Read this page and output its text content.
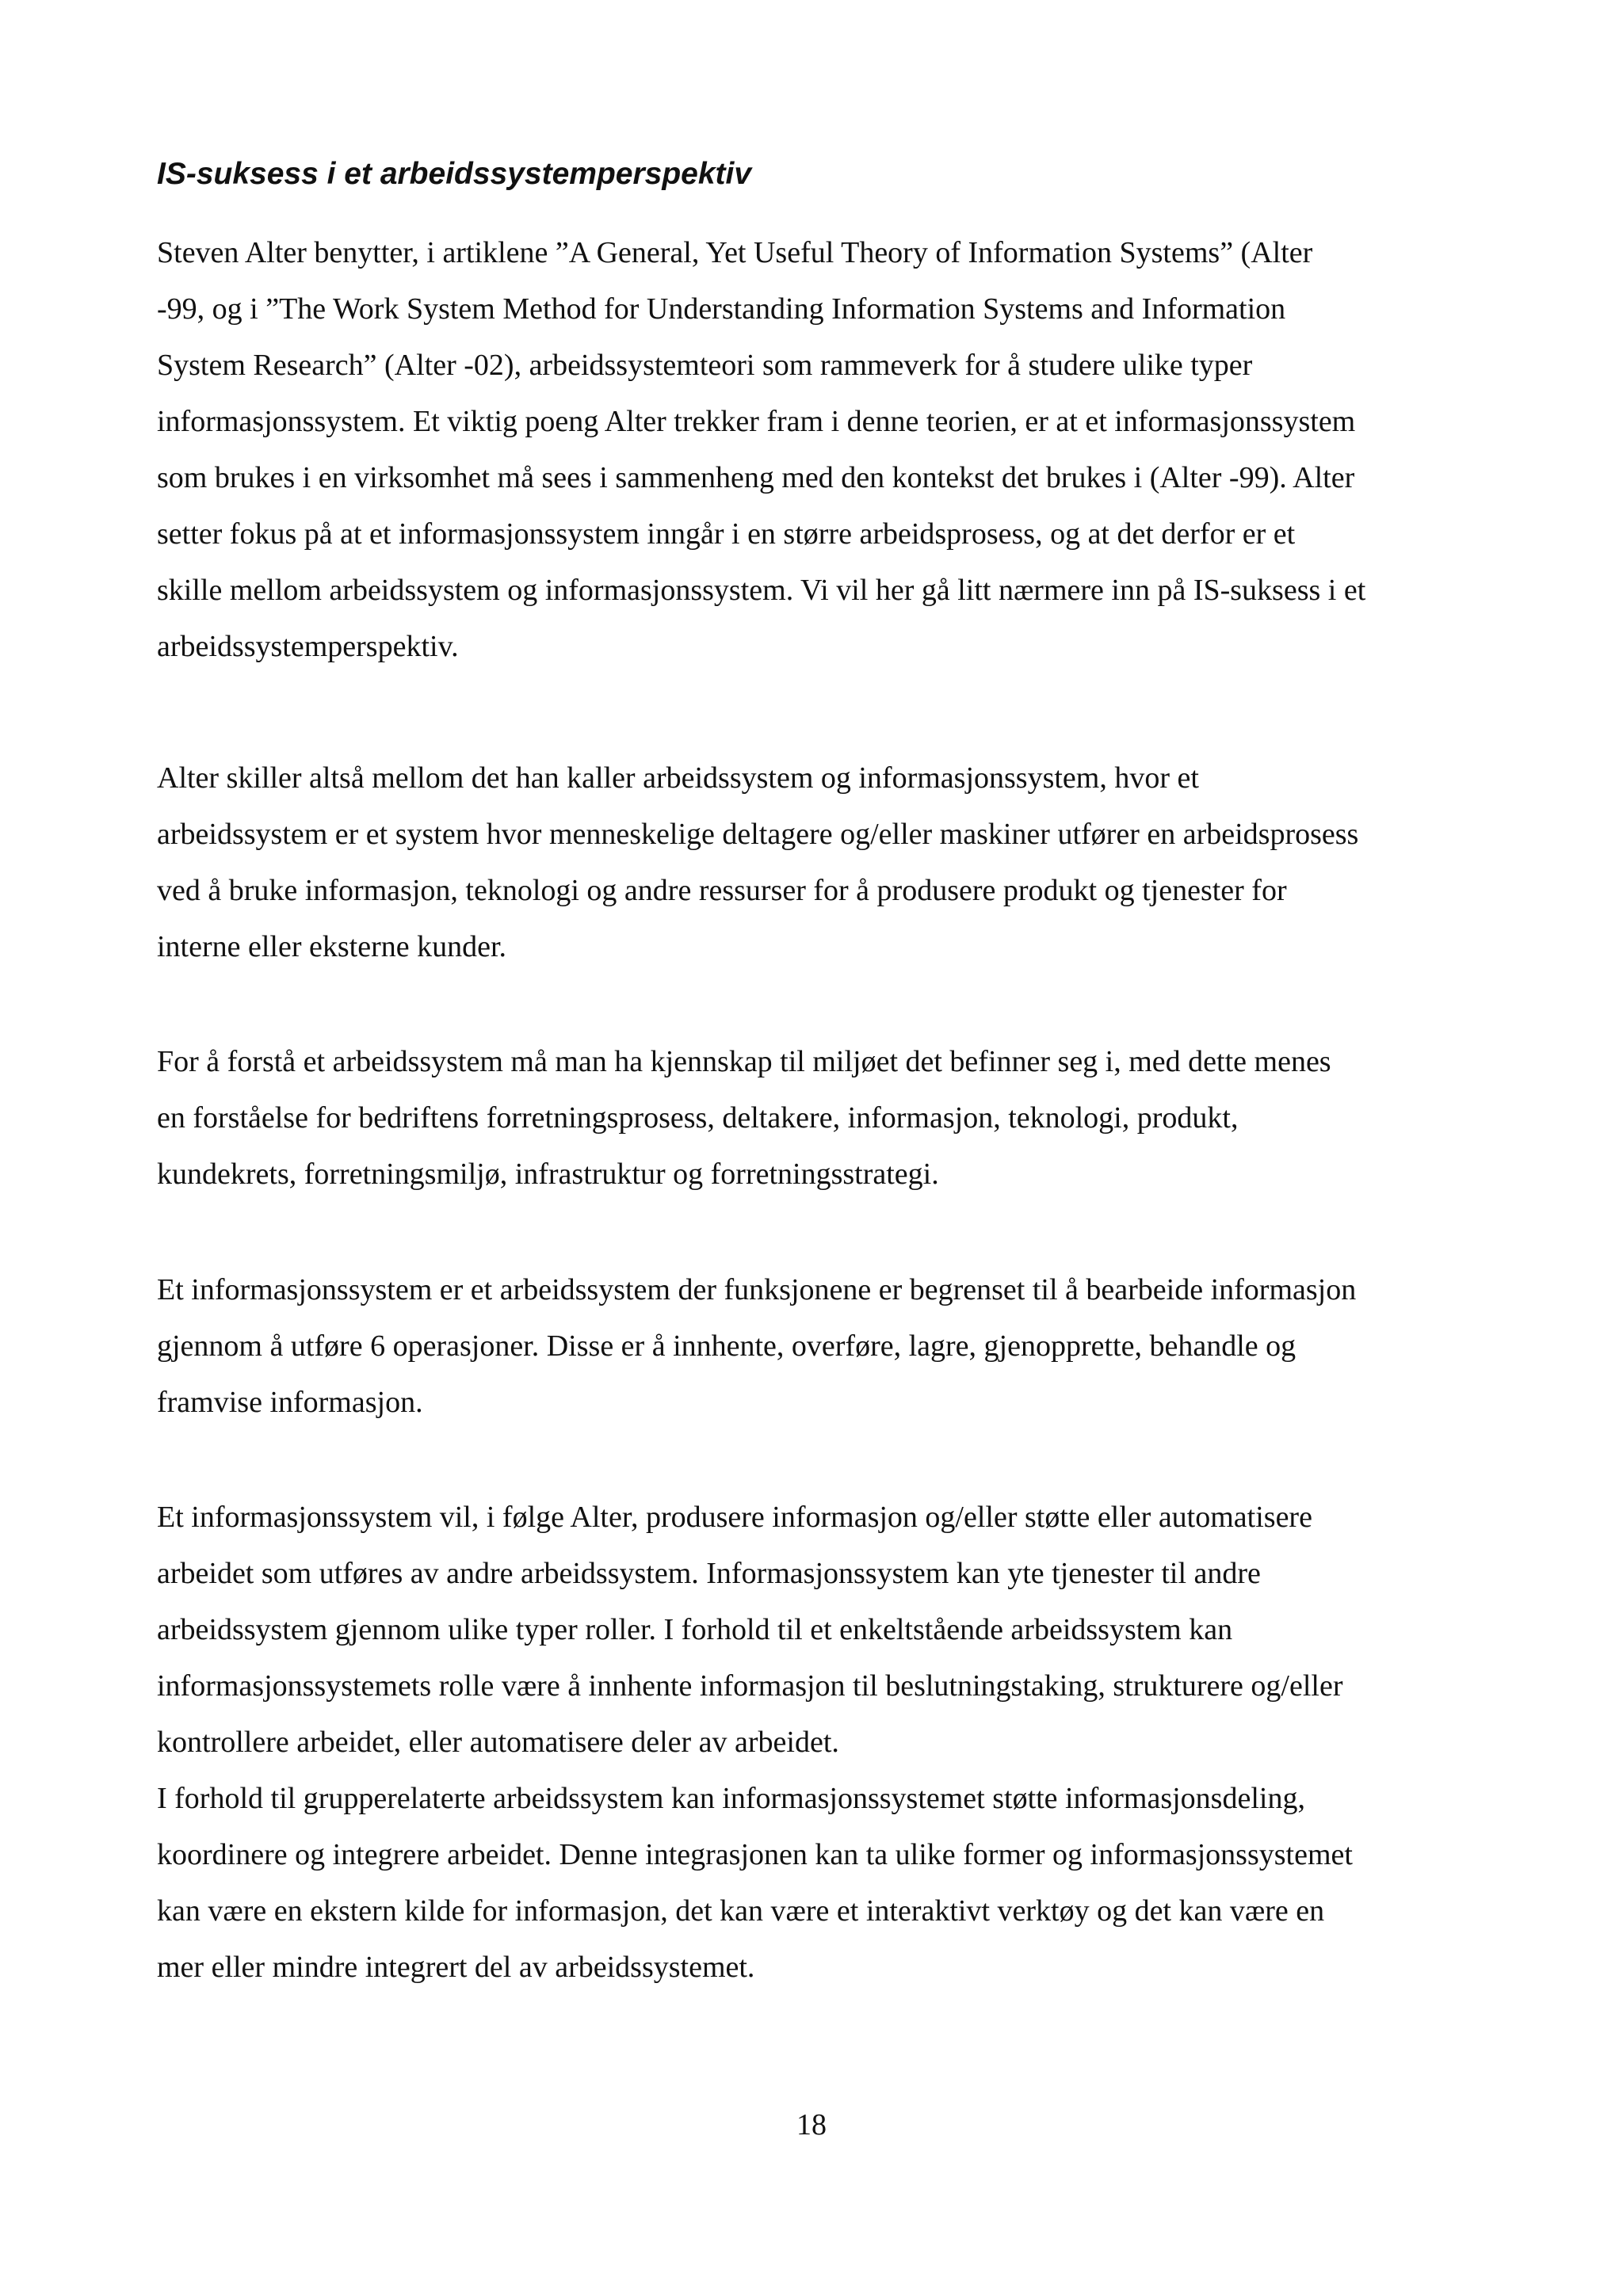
IS-suksess i et arbeidssystemperspektiv

Steven Alter benytter, i artiklene ”A General, Yet Useful Theory of Information Systems” (Alter
-99, og i ”The Work System Method for Understanding Information Systems and Information
System Research” (Alter -02), arbeidssystemteori som rammeverk for å studere ulike typer
informasjonssystem. Et viktig poeng Alter trekker fram i denne teorien, er at et informasjonssystem
som brukes i en virksomhet må sees i sammenheng med den kontekst det brukes i (Alter -99). Alter
setter fokus på at et informasjonssystem inngår i en større arbeidsprosess, og at det derfor er et
skille mellom arbeidssystem og informasjonssystem. Vi vil her gå litt nærmere inn på IS-suksess i et
arbeidssystemperspektiv.

Alter skiller altså mellom det han kaller arbeidssystem og informasjonssystem, hvor et
arbeidssystem er et system hvor menneskelige deltagere og/eller maskiner utfører en arbeidsprosess
ved å bruke informasjon, teknologi og andre ressurser for å produsere produkt og tjenester for
interne eller eksterne kunder.

For å forstå et arbeidssystem må man ha kjennskap til miljøet det befinner seg i, med dette menes
en forståelse for bedriftens forretningsprosess, deltakere, informasjon, teknologi, produkt,
kundekrets, forretningsmiljø, infrastruktur og forretningsstrategi.

Et informasjonssystem er et arbeidssystem der funksjonene er begrenset til å bearbeide informasjon
gjennom å utføre 6 operasjoner. Disse er å innhente, overføre, lagre, gjenopprette, behandle og
framvise informasjon.

Et informasjonssystem vil, i følge Alter, produsere informasjon og/eller støtte eller automatisere
arbeidet som utføres av andre arbeidssystem. Informasjonssystem kan yte tjenester til andre
arbeidssystem gjennom ulike typer roller. I forhold til et enkeltstående arbeidssystem kan
informasjonssystemets rolle være å innhente informasjon til beslutningstaking, strukturere og/eller
kontrollere arbeidet, eller automatisere deler av arbeidet.
I forhold til grupperelaterte arbeidssystem kan informasjonssystemet støtte informasjonsdeling,
koordinere og integrere arbeidet. Denne integrasjonen kan ta ulike former og informasjonssystemet
kan være en ekstern kilde for informasjon, det kan være et interaktivt verktøy og det kan være en
mer eller mindre integrert del av arbeidssystemet.

18
